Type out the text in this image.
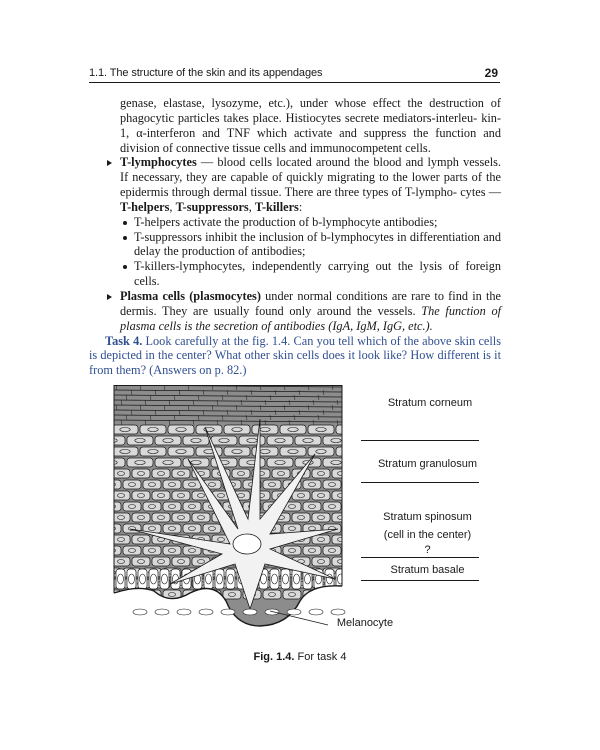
1.1. The structure of the skin and its appendages	29

genase, elastase, lysozyme, etc.), under whose effect the destruction of phagocytic particles takes place. Histiocytes secrete mediators-interleu- kin-1, α-interferon and TNF which activate and suppress the function and division of connective tissue cells and immunocompetent cells.

T-lymphocytes — blood cells located around the blood and lymph vessels. If necessary, they are capable of quickly migrating to the lower parts of the epidermis through dermal tissue. There are three types of T-lympho- cytes — T-helpers, T-suppressors, T-killers:

T-helpers activate the production of b-lymphocyte antibodies;

T-suppressors inhibit the inclusion of b-lymphocytes in differentiation and delay the production of antibodies;

T-killers-lymphocytes, independently carrying out the lysis of foreign cells.

Plasma cells (plasmocytes) under normal conditions are rare to find in the dermis. They are usually found only around the vessels. The function of plasma cells is the secretion of antibodies (IgA, IgM, IgG, etc.).

Task 4. Look carefully at the fig. 1.4. Can you tell which of the above skin cells is depicted in the center? What other skin cells does it look like? How different is it from them? (Answers on p. 82.)

Stratum corneum
Stratum granulosum
Stratum spinosum
(cell in the center)
?
Stratum basale
Melanocyte
Fig. 1.4. For task 4
